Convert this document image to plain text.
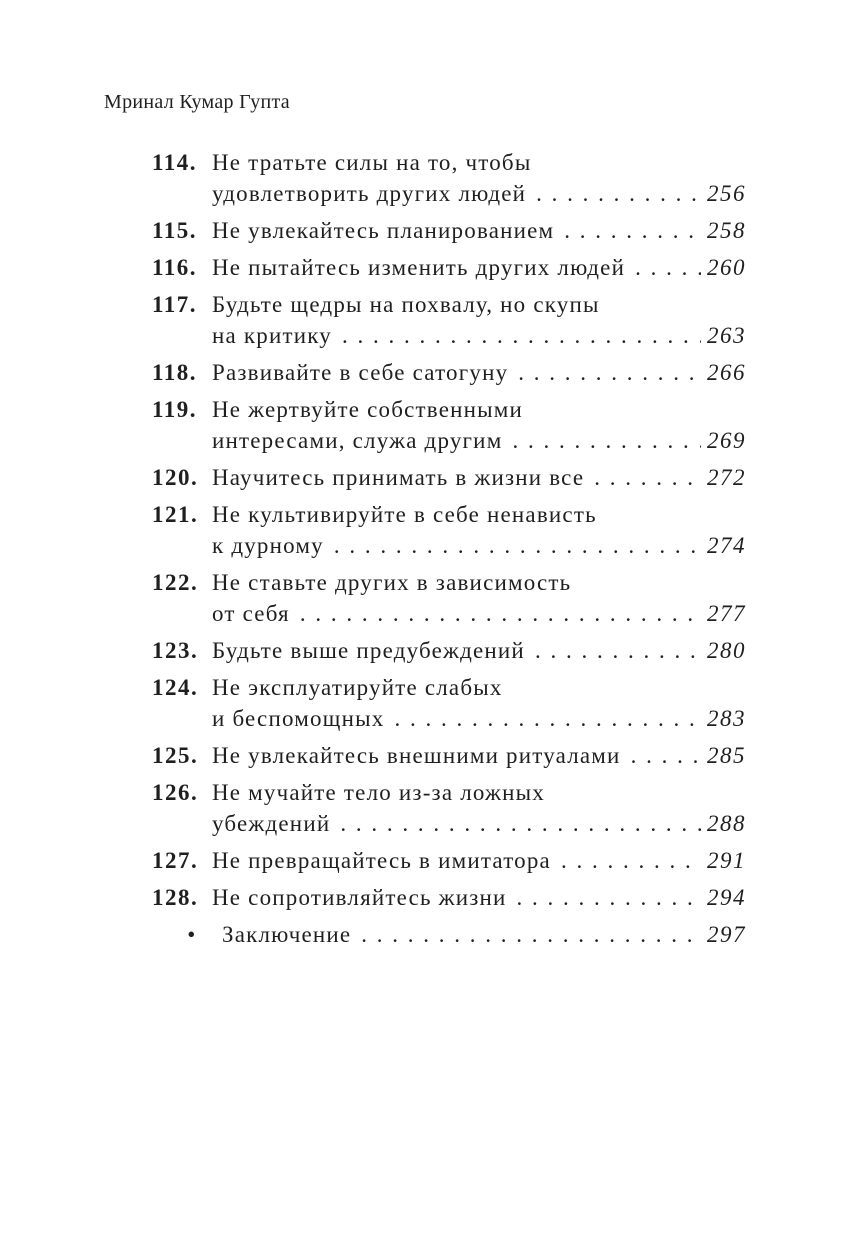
Мринал Кумар Гупта
114. Не тратьте силы на то, чтобы
удовлетворить других людей . . .	256
115. Не увлекайтесь планированием . . .	258
116. Не пытайтесь изменить других людей . . .	260
117. Будьте щедры на похвалу, но скупы
на критику . . .	263
118. Развивайте в себе сатогуну . . .	266
119. Не жертвуйте собственными
интересами, служа другим . . .	269
120. Научитесь принимать в жизни все . . .	272
121. Не культивируйте в себе ненависть
к дурному . . .	274
122. Не ставьте других в зависимость
от себя . . .	277
123. Будьте выше предубеждений . . .	280
124. Не эксплуатируйте слабых
и беспомощных . . .	283
125. Не увлекайтесь внешними ритуалами . . .	285
126. Не мучайте тело из-за ложных
убеждений . . .	288
127. Не превращайтесь в имитатора . . .	291
128. Не сопротивляйтесь жизни . . .	294
•	Заключение . . .	297
